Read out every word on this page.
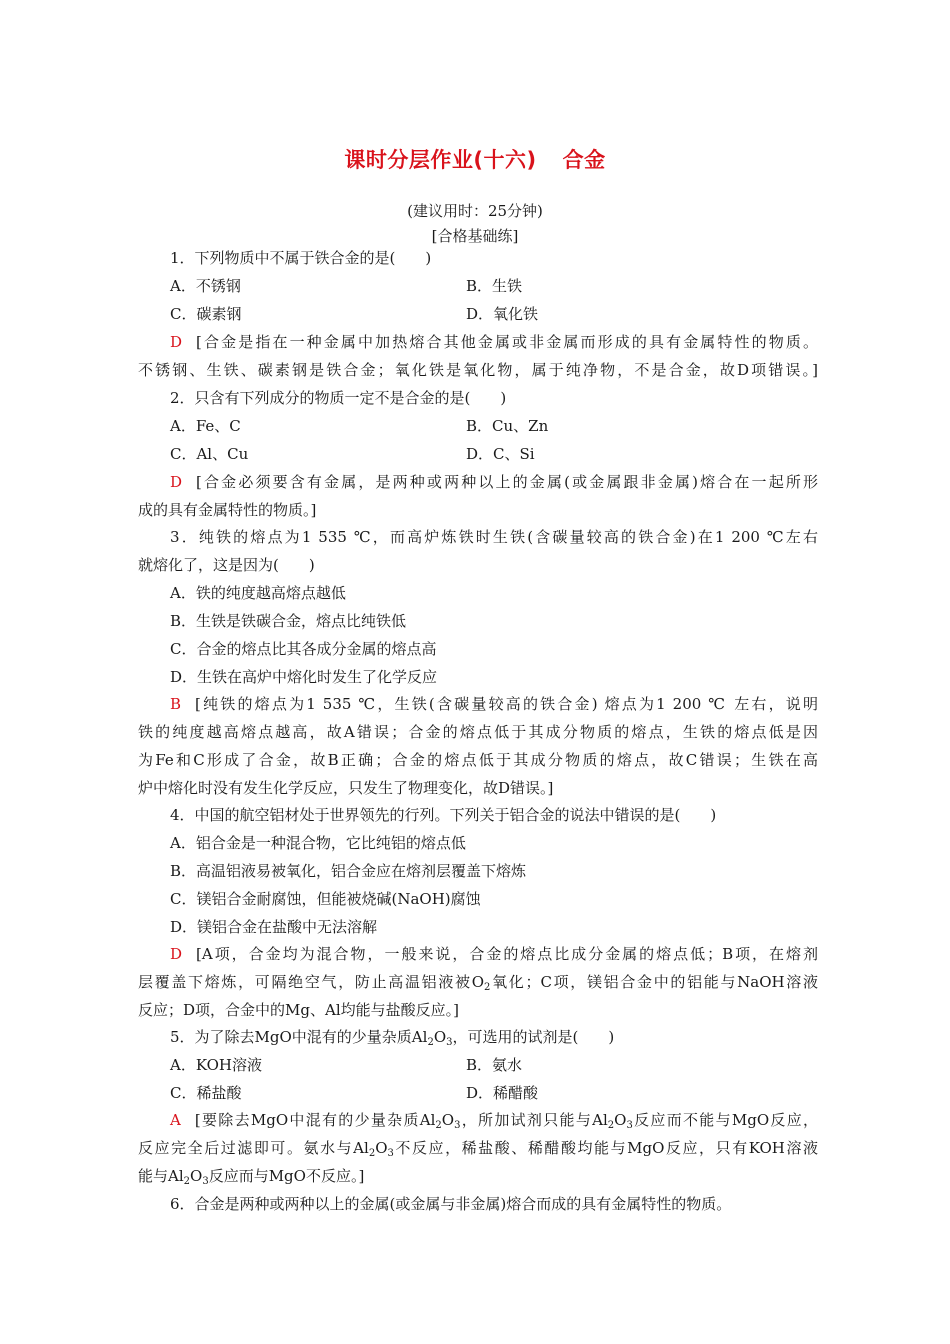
课时分层作业(十六) 合金
(建议用时：25分钟)
[合格基础练]
1．下列物质中不属于铁合金的是(　　)
A．不锈钢	B．生铁
C．碳素钢	D．氧化铁
D [合金是指在一种金属中加热熔合其他金属或非金属而形成的具有金属特性的物质。
不锈钢、生铁、碳素钢是铁合金；氧化铁是氧化物，属于纯净物，不是合金，故D项错误。]
2．只含有下列成分的物质一定不是合金的是(　　)
A．Fe、C	B．Cu、Zn
C．Al、Cu	D．C、Si
D [合金必须要含有金属，是两种或两种以上的金属(或金属跟非金属)熔合在一起所形
成的具有金属特性的物质。]
3．纯铁的熔点为1 535 ℃，而高炉炼铁时生铁(含碳量较高的铁合金)在1 200 ℃左右
就熔化了，这是因为(　　)
A．铁的纯度越高熔点越低
B．生铁是铁碳合金，熔点比纯铁低
C．合金的熔点比其各成分金属的熔点高
D．生铁在高炉中熔化时发生了化学反应
B [纯铁的熔点为1 535 ℃，生铁(含碳量较高的铁合金) 熔点为1 200 ℃ 左右，说明
铁的纯度越高熔点越高，故A错误；合金的熔点低于其成分物质的熔点，生铁的熔点低是因
为Fe和C形成了合金，故B正确；合金的熔点低于其成分物质的熔点，故C错误；生铁在高
炉中熔化时没有发生化学反应，只发生了物理变化，故D错误。]
4．中国的航空铝材处于世界领先的行列。下列关于铝合金的说法中错误的是(　　)
A．铝合金是一种混合物，它比纯铝的熔点低
B．高温铝液易被氧化，铝合金应在熔剂层覆盖下熔炼
C．镁铝合金耐腐蚀，但能被烧碱(NaOH)腐蚀
D．镁铝合金在盐酸中无法溶解
D [A项，合金均为混合物，一般来说，合金的熔点比成分金属的熔点低；B项，在熔剂
层覆盖下熔炼，可隔绝空气，防止高温铝液被$O_2$氧化；C项，镁铝合金中的铝能与NaOH溶液
反应；D项，合金中的Mg、Al均能与盐酸反应。]
5．为了除去MgO中混有的少量杂质$Al_2O_3$，可选用的试剂是(　　)
A．KOH溶液	B．氨水
C．稀盐酸	D．稀醋酸
A [要除去MgO中混有的少量杂质$Al_2O_3$，所加试剂只能与$Al_2O_3$反应而不能与MgO反应，
反应完全后过滤即可。氨水与$Al_2O_3$不反应，稀盐酸、稀醋酸均能与MgO反应，只有KOH溶液
能与$Al_2O_3$反应而与MgO不反应。]
6．合金是两种或两种以上的金属(或金属与非金属)熔合而成的具有金属特性的物质。
